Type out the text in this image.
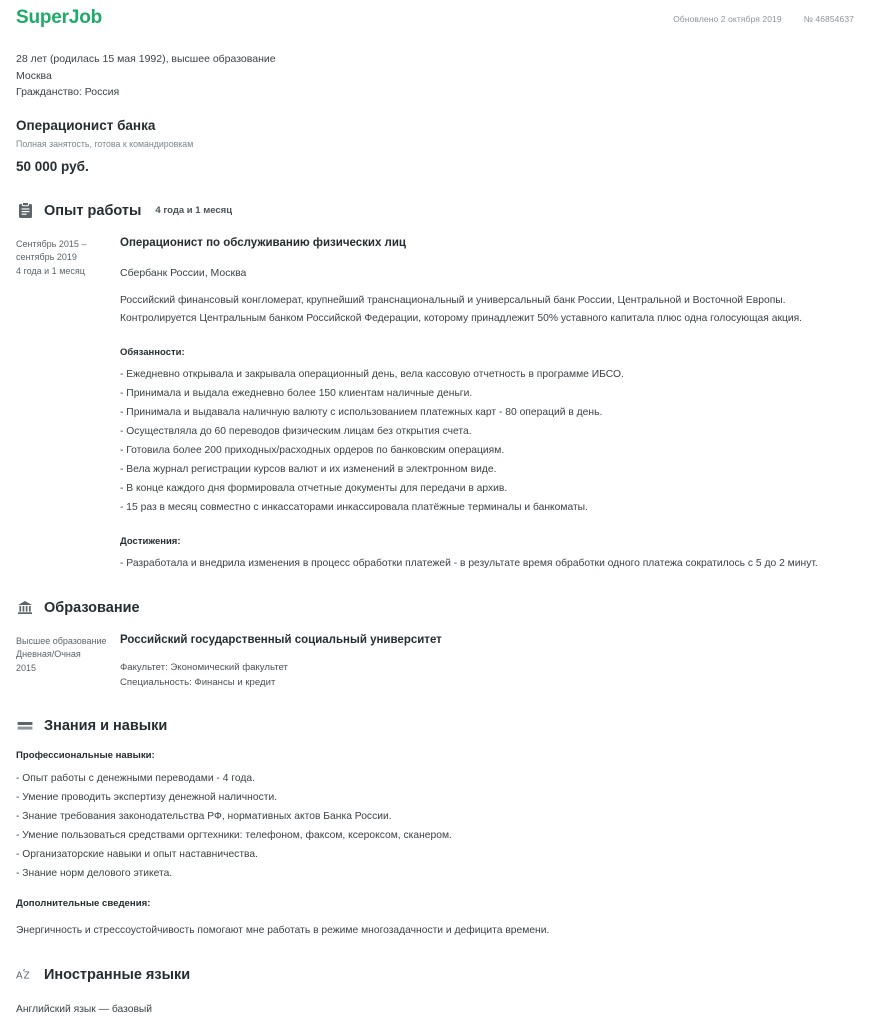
SuperJob	Обновлено 2 октября 2019	№ 46854637
28 лет (родилась 15 мая 1992), высшее образование
Москва
Гражданство: Россия
Операционист банка
Полная занятость, готова к командировкам
50 000 руб.
Опыт работы 4 года и 1 месяц
Сентябрь 2015 – сентябрь 2019
4 года и 1 месяц
Операционист по обслуживанию физических лиц
Сбербанк России, Москва
Российский финансовый конгломерат, крупнейший транснациональный и универсальный банк России, Центральной и Восточной Европы. Контролируется Центральным банком Российской Федерации, которому принадлежит 50% уставного капитала плюс одна голосующая акция.
Обязанности:
- Ежедневно открывала и закрывала операционный день, вела кассовую отчетность в программе ИБСО.
- Принимала и выдала ежедневно более 150 клиентам наличные деньги.
- Принимала и выдавала наличную валюту с использованием платежных карт - 80 операций в день.
- Осуществляла до 60 переводов физическим лицам без открытия счета.
- Готовила более 200 приходных/расходных ордеров по банковским операциям.
- Вела журнал регистрации курсов валют и их изменений в электронном виде.
- В конце каждого дня формировала отчетные документы для передачи в архив.
- 15 раз в месяц совместно с инкассаторами инкассировала платёжные терминалы и банкоматы.
Достижения:
- Разработала и внедрила изменения в процесс обработки платежей - в результате время обработки одного платежа сократилось с 5 до 2 минут.
Образование
Высшее образование
Дневная/Очная
2015
Российский государственный социальный университет
Факультет: Экономический факультет
Специальность: Финансы и кредит
Знания и навыки
Профессиональные навыки:
- Опыт работы с денежными переводами - 4 года.
- Умение проводить экспертизу денежной наличности.
- Знание требования законодательства РФ, нормативных актов Банка России.
- Умение пользоваться средствами оргтехники: телефоном, факсом, ксероксом, сканером.
- Организаторские навыки и опыт наставничества.
- Знание норм делового этикета.
Дополнительные сведения:
Энергичность и стрессоустойчивость помогают мне работать в режиме многозадачности и дефицита времени.
A Z Иностранные языки
Английский язык — базовый
